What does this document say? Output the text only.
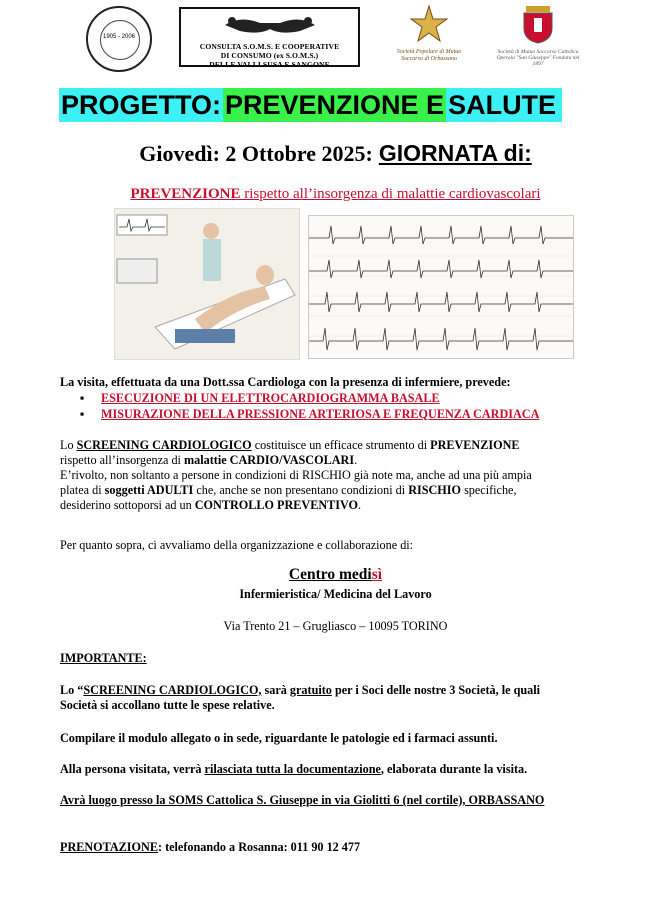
1905 - 2006
CONSULTA S.O.M.S. E COOPERATIVE
DI CONSUMO (ex S.O.M.S.)
DELLE VALLI SUSA E SANGONE
Società Popolare di Mutuo Soccorso di Orbassano
Società di Mutuo Soccorso Cattolica Operaia "San Giuseppe" Fondata nel 1897
PROGETTO: PREVENZIONE E SALUTE
Giovedì: 2 Ottobre 2025: GIORNATA di:
PREVENZIONE rispetto all’insorgenza di malattie cardiovascolari
La visita, effettuata da una Dott.ssa Cardiologa con la presenza di infermiere, prevede:
▪ ESECUZIONE DI UN ELETTROCARDIOGRAMMA BASALE
▪ MISURAZIONE DELLA PRESSIONE ARTERIOSA E FREQUENZA CARDIACA
Lo SCREENING CARDIOLOGICO costituisce un efficace strumento di PREVENZIONE
rispetto all’insorgenza di malattie CARDIO/VASCOLARI.
E’rivolto, non soltanto a persone in condizioni di RISCHIO già note ma, anche ad una più ampia
platea di soggetti ADULTI che, anche se non presentano condizioni di RISCHIO specifiche,
desiderino sottoporsi ad un CONTROLLO PREVENTIVO.
Per quanto sopra, ci avvaliamo della organizzazione e collaborazione di:
Centro medisì
Infermieristica/ Medicina del Lavoro
Via Trento 21 – Grugliasco – 10095 TORINO
IMPORTANTE:
Lo “SCREENING CARDIOLOGICO, sarà gratuito per i Soci delle nostre 3 Società, le quali
Società si accollano tutte le spese relative.
Compilare il modulo allegato o in sede, riguardante le patologie ed i farmaci assunti.
Alla persona visitata, verrà rilasciata tutta la documentazione, elaborata durante la visita.
Avrà luogo presso la SOMS Cattolica S. Giuseppe in via Giolitti 6 (nel cortile), ORBASSANO
PRENOTAZIONE: telefonando a Rosanna: 011 90 12 477
